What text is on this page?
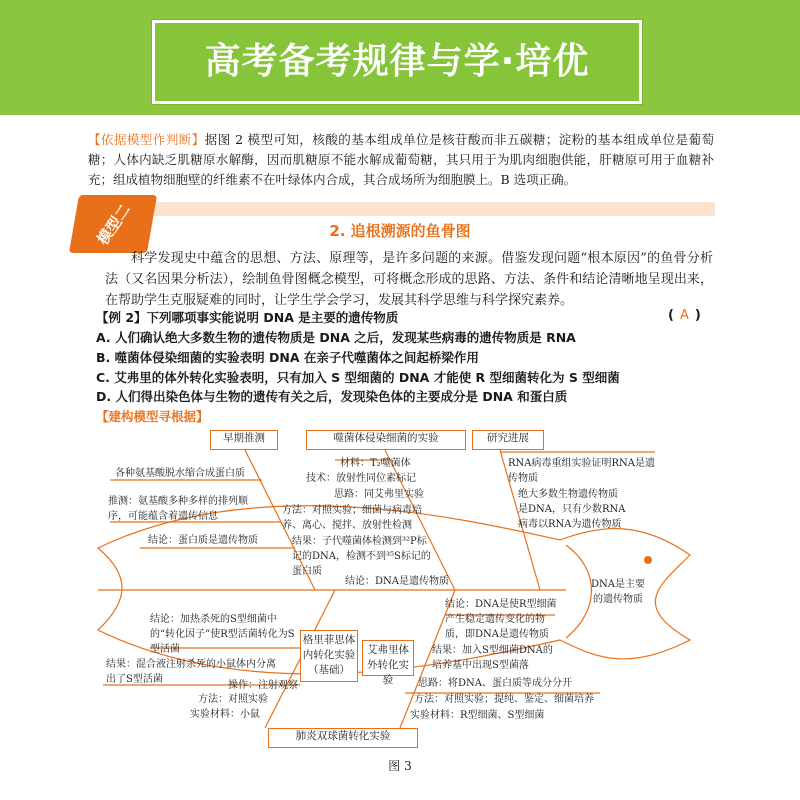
高考备考规律与学·培优
【依据模型作判断】据图 2 模型可知，核酸的基本组成单位是核苷酸而非五碳糖；淀粉的基本组成单位是葡萄糖；人体内缺乏肌糖原水解酶，因而肌糖原不能水解成葡萄糖，其只用于为肌肉细胞供能，肝糖原可用于血糖补充；组成植物细胞壁的纤维素不在叶绿体内合成，其合成场所为细胞膜上。B 选项正确。
模型二	2. 追根溯源的鱼骨图
科学发现史中蕴含的思想、方法、原理等，是许多问题的来源。借鉴发现问题“根本原因”的鱼骨分析法（又名因果分析法），绘制鱼骨图概念模型，可将概念形成的思路、方法、条件和结论清晰地呈现出来，在帮助学生克服疑难的同时，让学生学会学习，发展其科学思维与科学探究素养。
【例 2】下列哪项事实能说明 DNA 是主要的遗传物质	( A )
A. 人们确认绝大多数生物的遗传物质是 DNA 之后，发现某些病毒的遗传物质是 RNA
B. 噬菌体侵染细菌的实验表明 DNA 在亲子代噬菌体之间起桥梁作用
C. 艾弗里的体外转化实验表明，只有加入 S 型细菌的 DNA 才能使 R 型细菌转化为 S 型细菌
D. 人们得出染色体与生物的遗传有关之后，发现染色体的主要成分是 DNA 和蛋白质
【建构模型寻根据】
早期推测	噬菌体侵染细菌的实验	研究进展
格里菲思体内转化实验（基础）
艾弗里体外转化实验
肺炎双球菌转化实验
各种氨基酸脱水缩合成蛋白质
推测：氨基酸多种多样的排列顺序，可能蕴含着遗传信息
结论：蛋白质是遗传物质
材料：T₂噬菌体
技术：放射性同位素标记
思路：同艾弗里实验
方法：对照实验；细菌与病毒培养、离心、搅拌、放射性检测
结果：子代噬菌体检测到³²P标记的DNA，检测不到³⁵S标记的蛋白质
结论：DNA是遗传物质
RNA病毒重组实验证明RNA是遗传物质
绝大多数生物遗传物质是DNA，只有少数RNA病毒以RNA为遗传物质
DNA是主要的遗传物质
结论：加热杀死的S型细菌中的“转化因子”使R型活菌转化为S型活菌
结果：混合液注射杀死的小鼠体内分离出了S型活菌
操作：注射观察
方法：对照实验
实验材料：小鼠
结论：DNA是使R型细菌产生稳定遗传变化的物质，即DNA是遗传物质
结果：加入S型细菌DNA的培养基中出现S型菌落
思路：将DNA、蛋白质等成分分开
方法：对照实验；提纯、鉴定、细菌培养
实验材料：R型细菌、S型细菌
图 3
